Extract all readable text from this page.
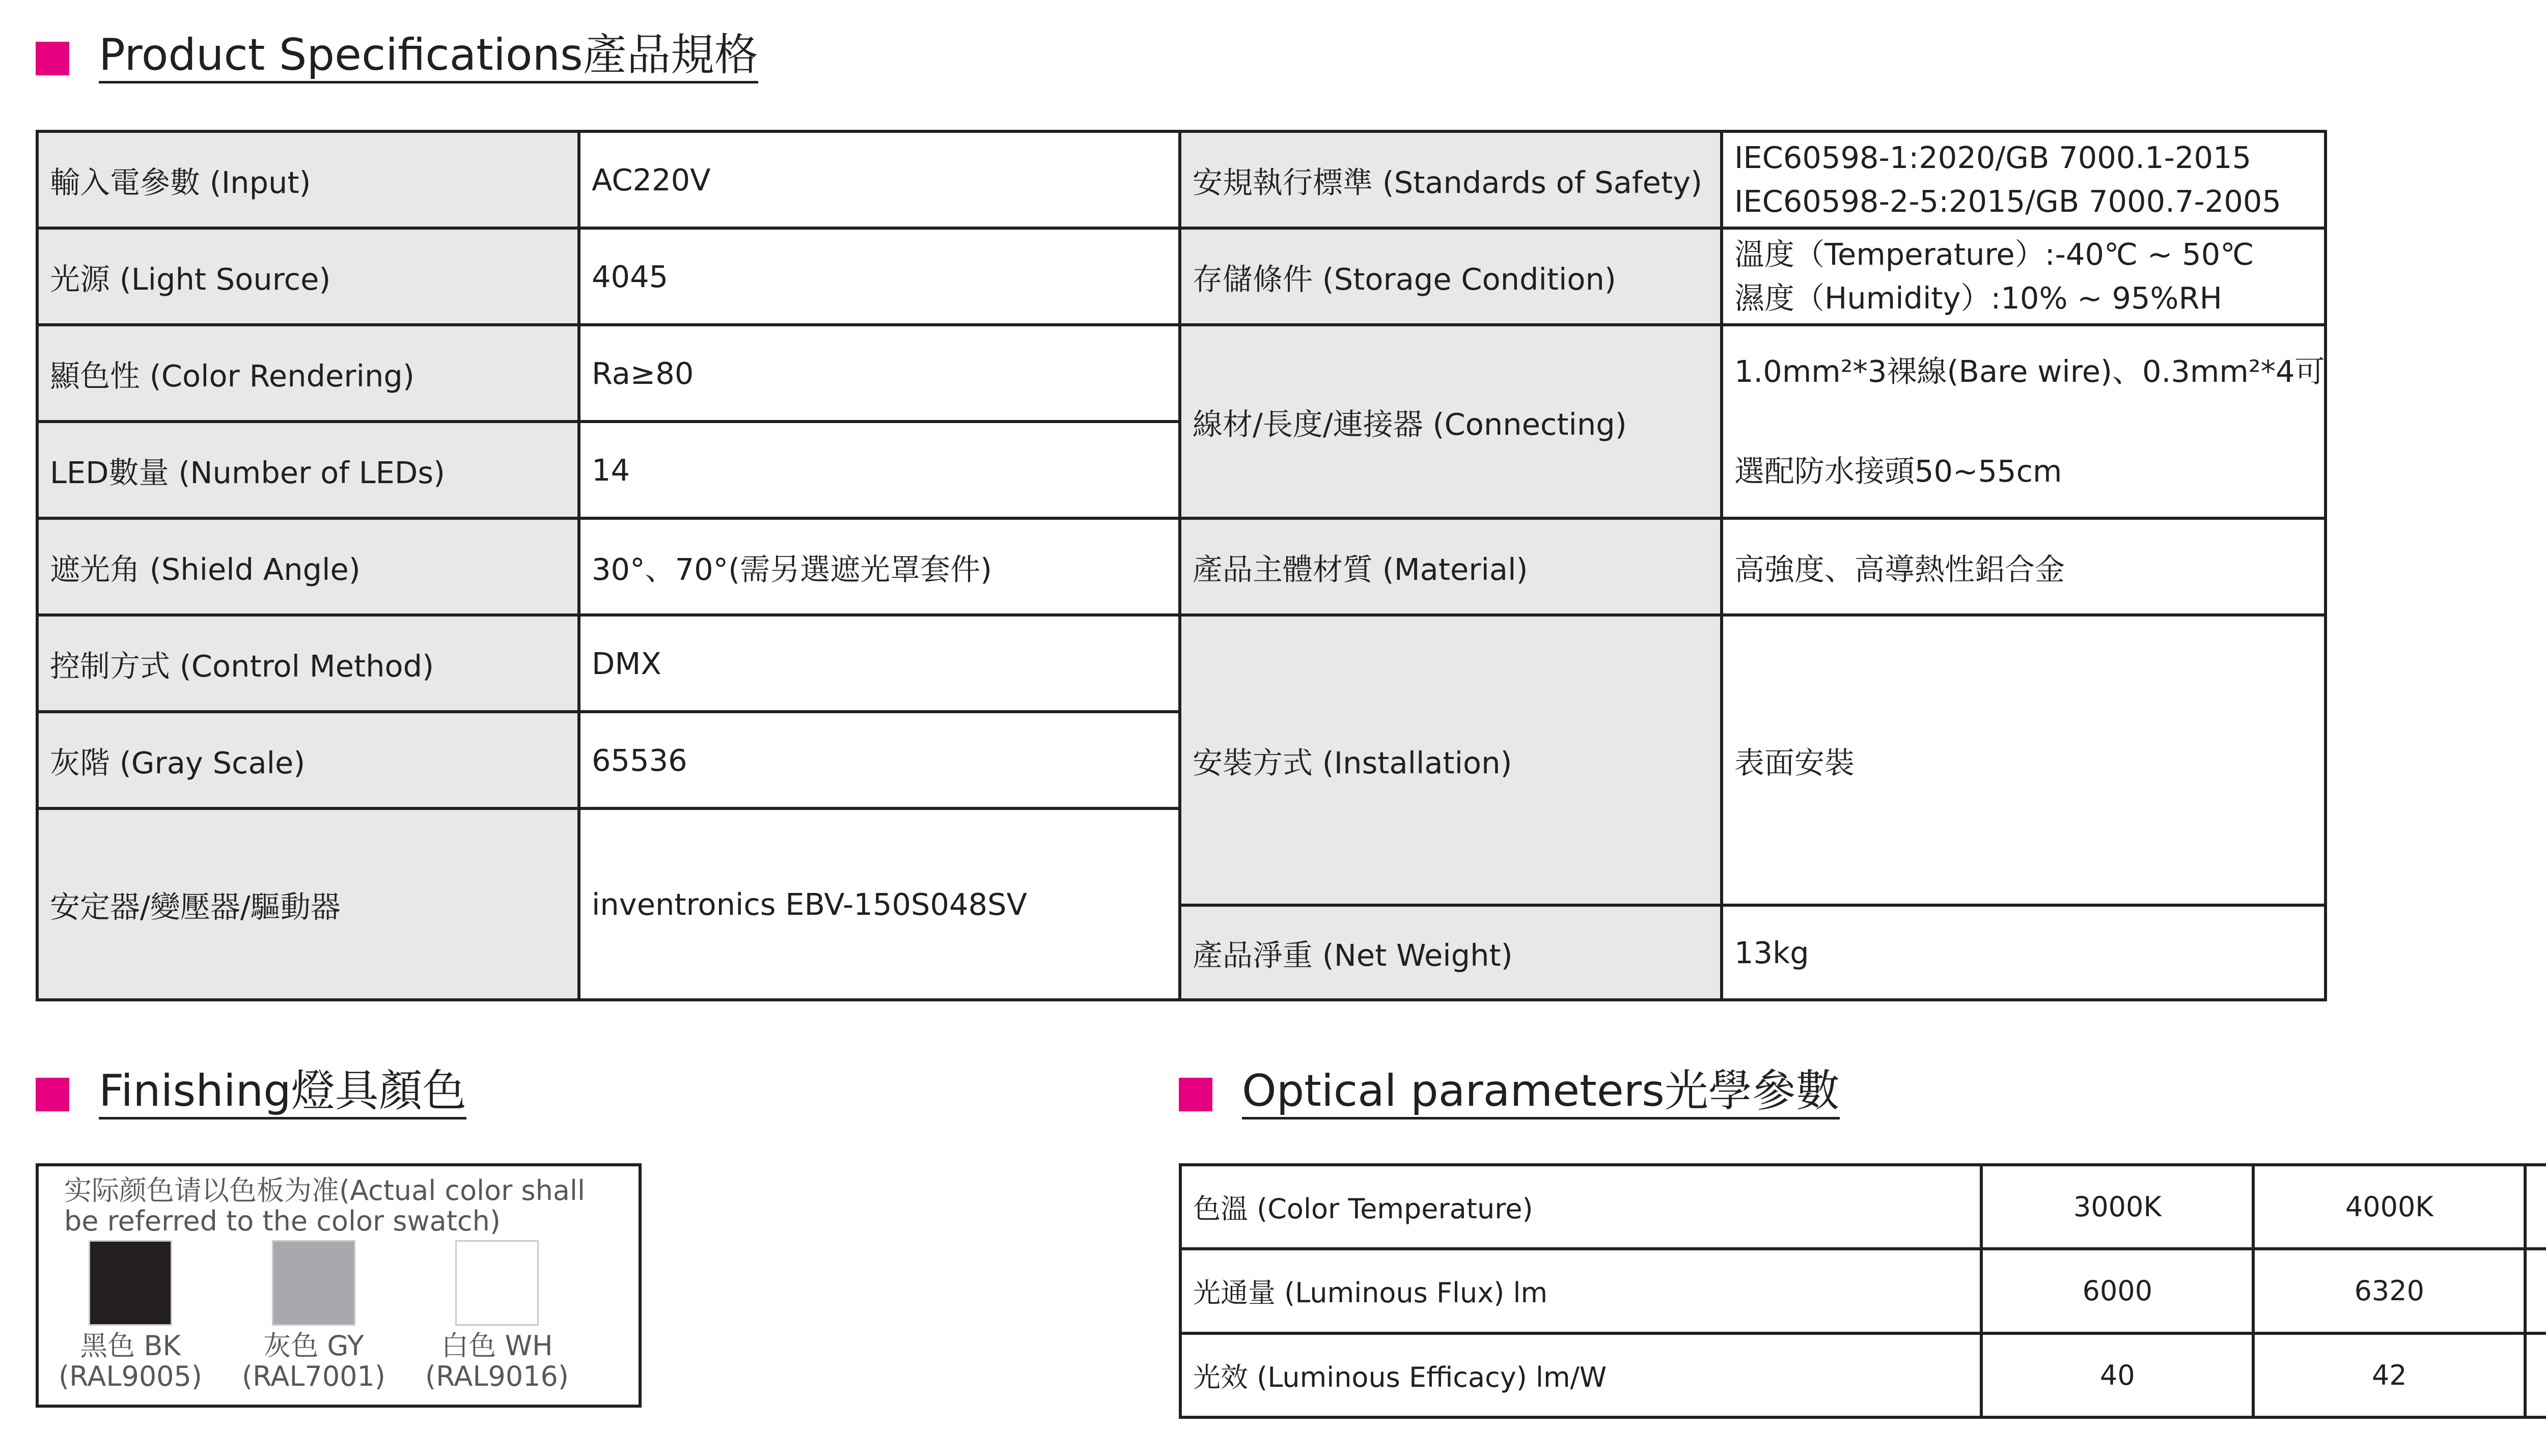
Product Specifications產品規格
輸入電參數 (Input)	AC220V	安規執行標準 (Standards of Safety)	IEC60598-1:2020/GB 7000.1-2015
IEC60598-2-5:2015/GB 7000.7-2005

光源 (Light Source)	4045	存儲條件 (Storage Condition)	溫度（Temperature）:-40℃ ~ 50℃
濕度（Humidity）:10% ~ 95%RH

顯色性 (Color Rendering)	Ra≥80	線材/長度/連接器 (Connecting)	1.0mm²*3裸線(Bare wire)、0.3mm²*4可
選配防水接頭50~55cm

LED數量 (Number of LEDs)	14		
遮光角 (Shield Angle)	30°、70°(需另選遮光罩套件)	產品主體材質 (Material)	高強度、高導熱性鋁合金
控制方式 (Control Method)	DMX	安裝方式 (Installation)	表面安裝
灰階 (Gray Scale)	65536		
安定器/變壓器/驅動器	inventronics EBV-150S048SV		
		產品淨重 (Net Weight)	13kg
Finishing燈具顏色	Optical parameters光學參數
实际颜色请以色板为准(Actual color shall be referred to the color swatch)
黑色 BK
(RAL9005)
灰色 GY
(RAL7001)
白色 WH
(RAL9016)
色溫 (Color Temperature)	3000K	4000K			
光通量 (Luminous Flux) lm	6000	6320			
光效 (Luminous Efficacy) lm/W	40	42			
